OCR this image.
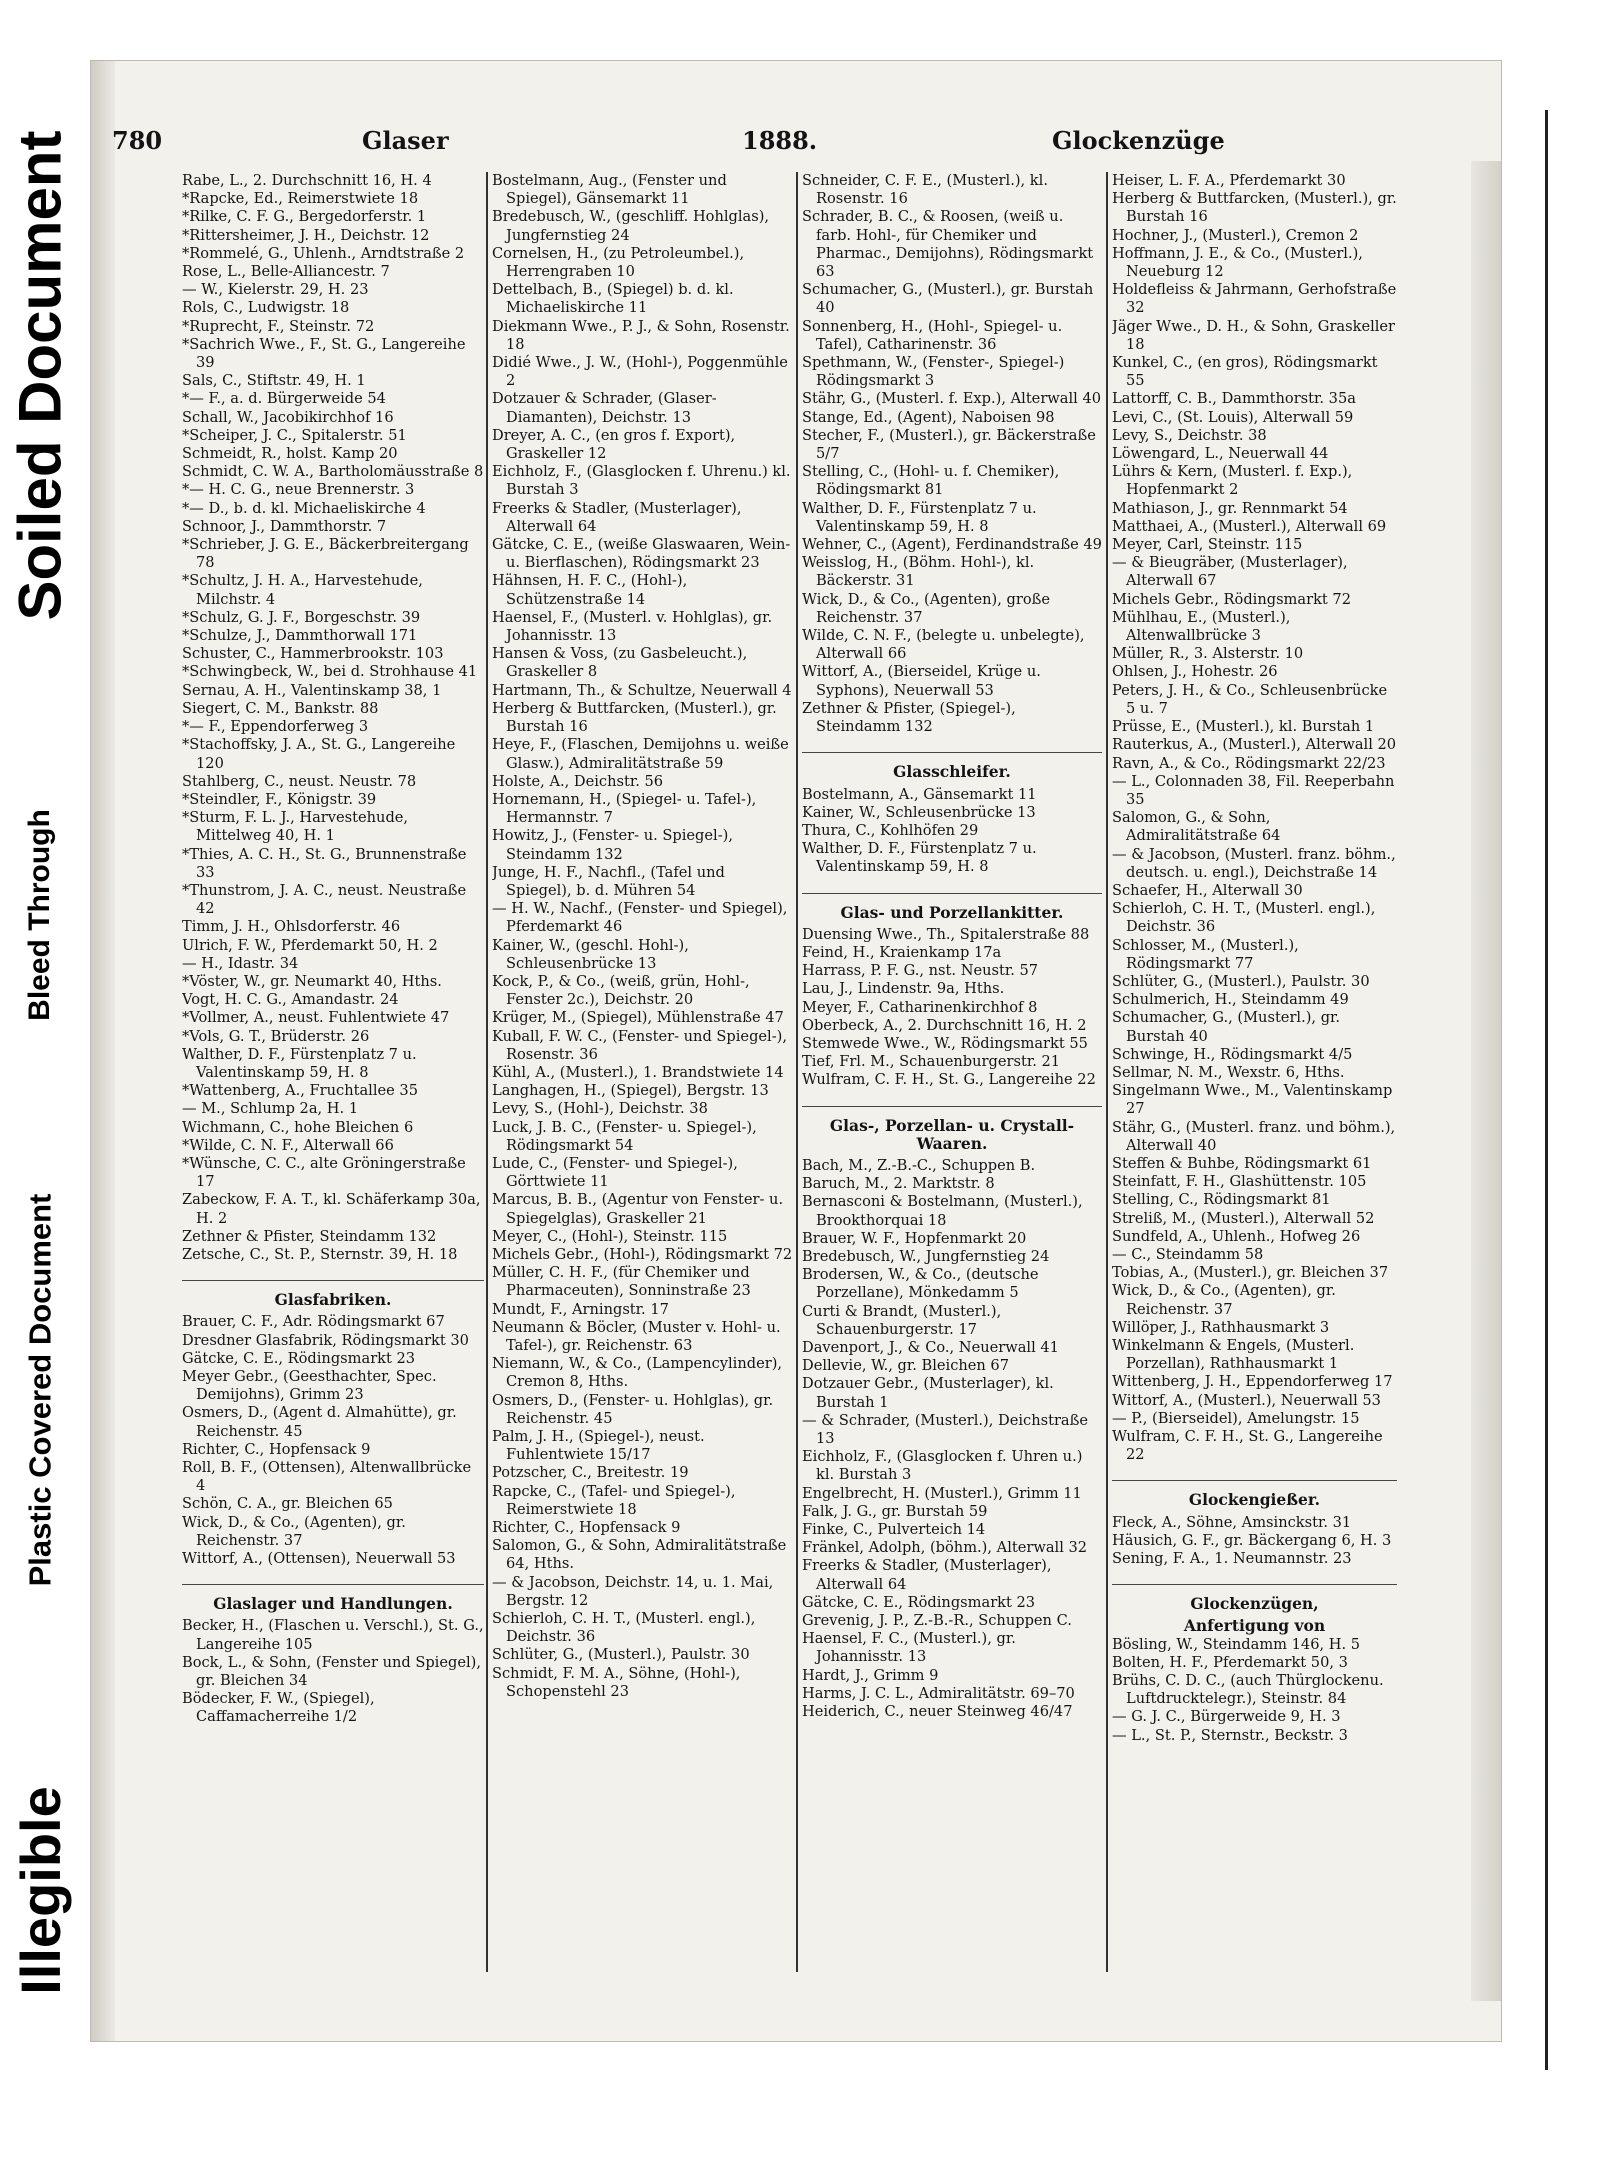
Illegible
Plastic Covered Document
Bleed Through
Soiled Document 780	Glaser	1888.	Glockenzüge
Rabe, L., 2. Durchschnitt 16, H. 4
*Rapcke, Ed., Reimerstwiete 18
*Rilke, C. F. G., Bergedorferstr. 1
*Rittersheimer, J. H., Deichstr. 12
*Rommelé, G., Uhlenh., Arndtstraße 2
Rose, L., Belle-Alliancestr. 7
— W., Kielerstr. 29, H. 23
Rols, C., Ludwigstr. 18
*Ruprecht, F., Steinstr. 72
*Sachrich Wwe., F., St. G., Langereihe 39
Sals, C., Stiftstr. 49, H. 1
*— F., a. d. Bürgerweide 54
Schall, W., Jacobikirchhof 16
*Scheiper, J. C., Spitalerstr. 51
Schmeidt, R., holst. Kamp 20
Schmidt, C. W. A., Bartholomäusstraße 8
*— H. C. G., neue Brennerstr. 3
*— D., b. d. kl. Michaeliskirche 4
Schnoor, J., Dammthorstr. 7
*Schrieber, J. G. E., Bäckerbreitergang 78
*Schultz, J. H. A., Harvestehude, Milchstr. 4
*Schulz, G. J. F., Borgeschstr. 39
*Schulze, J., Dammthorwall 171
Schuster, C., Hammerbrookstr. 103
*Schwingbeck, W., bei d. Strohhause 41
Sernau, A. H., Valentinskamp 38, 1
Siegert, C. M., Bankstr. 88
*— F., Eppendorferweg 3
*Stachoffsky, J. A., St. G., Langereihe 120
Stahlberg, C., neust. Neustr. 78
*Steindler, F., Königstr. 39
*Sturm, F. L. J., Harvestehude, Mittelweg 40, H. 1
*Thies, A. C. H., St. G., Brunnenstraße 33
*Thunstrom, J. A. C., neust. Neustraße 42
Timm, J. H., Ohlsdorferstr. 46
Ulrich, F. W., Pferdemarkt 50, H. 2
— H., Idastr. 34
*Vöster, W., gr. Neumarkt 40, Hths.
Vogt, H. C. G., Amandastr. 24
*Vollmer, A., neust. Fuhlentwiete 47
*Vols, G. T., Brüderstr. 26
Walther, D. F., Fürstenplatz 7 u. Valentinskamp 59, H. 8
*Wattenberg, A., Fruchtallee 35
— M., Schlump 2a, H. 1
Wichmann, C., hohe Bleichen 6
*Wilde, C. N. F., Alterwall 66
*Wünsche, C. C., alte Gröningerstraße 17
Zabeckow, F. A. T., kl. Schäferkamp 30a, H. 2
Zethner & Pfister, Steindamm 132
Zetsche, C., St. P., Sternstr. 39, H. 18
Glasfabriken.
Brauer, C. F., Adr. Rödingsmarkt 67
Dresdner Glasfabrik, Rödingsmarkt 30
Gätcke, C. E., Rödingsmarkt 23
Meyer Gebr., (Geesthachter, Spec. Demijohns), Grimm 23
Osmers, D., (Agent d. Almahütte), gr. Reichenstr. 45
Richter, C., Hopfensack 9
Roll, B. F., (Ottensen), Altenwallbrücke 4
Schön, C. A., gr. Bleichen 65
Wick, D., & Co., (Agenten), gr. Reichenstr. 37
Wittorf, A., (Ottensen), Neuerwall 53
Glaslager und Handlungen.
Becker, H., (Flaschen u. Verschl.), St. G., Langereihe 105
Bock, L., & Sohn, (Fenster und Spiegel), gr. Bleichen 34
Bödecker, F. W., (Spiegel), Caffamacherreihe 1/2
Bostelmann, Aug., (Fenster und Spiegel), Gänsemarkt 11
Bredebusch, W., (geschliff. Hohlglas), Jungfernstieg 24
Cornelsen, H., (zu Petroleumbel.), Herrengraben 10
Dettelbach, B., (Spiegel) b. d. kl. Michaeliskirche 11
Diekmann Wwe., P. J., & Sohn, Rosenstr. 18
Didié Wwe., J. W., (Hohl-), Poggenmühle 2
Dotzauer & Schrader, (Glaser-Diamanten), Deichstr. 13
Dreyer, A. C., (en gros f. Export), Graskeller 12
Eichholz, F., (Glasglocken f. Uhrenu.) kl. Burstah 3
Freerks & Stadler, (Musterlager), Alterwall 64
Gätcke, C. E., (weiße Glaswaaren, Wein- u. Bierflaschen), Rödingsmarkt 23
Hähnsen, H. F. C., (Hohl-), Schützenstraße 14
Haensel, F., (Musterl. v. Hohlglas), gr. Johannisstr. 13
Hansen & Voss, (zu Gasbeleucht.), Graskeller 8
Hartmann, Th., & Schultze, Neuerwall 4
Herberg & Buttfarcken, (Musterl.), gr. Burstah 16
Heye, F., (Flaschen, Demijohns u. weiße Glasw.), Admiralitätstraße 59
Holste, A., Deichstr. 56
Hornemann, H., (Spiegel- u. Tafel-), Hermannstr. 7
Howitz, J., (Fenster- u. Spiegel-), Steindamm 132
Junge, H. F., Nachfl., (Tafel und Spiegel), b. d. Mühren 54
— H. W., Nachf., (Fenster- und Spiegel), Pferdemarkt 46
Kainer, W., (geschl. Hohl-), Schleusenbrücke 13
Kock, P., & Co., (weiß, grün, Hohl-, Fenster 2c.), Deichstr. 20
Krüger, M., (Spiegel), Mühlenstraße 47
Kuball, F. W. C., (Fenster- und Spiegel-), Rosenstr. 36
Kühl, A., (Musterl.), 1. Brandstwiete 14
Langhagen, H., (Spiegel), Bergstr. 13
Levy, S., (Hohl-), Deichstr. 38
Luck, J. B. C., (Fenster- u. Spiegel-), Rödingsmarkt 54
Lude, C., (Fenster- und Spiegel-), Görttwiete 11
Marcus, B. B., (Agentur von Fenster- u. Spiegelglas), Graskeller 21
Meyer, C., (Hohl-), Steinstr. 115
Michels Gebr., (Hohl-), Rödingsmarkt 72
Müller, C. H. F., (für Chemiker und Pharmaceuten), Sonninstraße 23
Mundt, F., Arningstr. 17
Neumann & Böcler, (Muster v. Hohl- u. Tafel-), gr. Reichenstr. 63
Niemann, W., & Co., (Lampencylinder), Cremon 8, Hths.
Osmers, D., (Fenster- u. Hohlglas), gr. Reichenstr. 45
Palm, J. H., (Spiegel-), neust. Fuhlentwiete 15/17
Potzscher, C., Breitestr. 19
Rapcke, C., (Tafel- und Spiegel-), Reimerstwiete 18
Richter, C., Hopfensack 9
Salomon, G., & Sohn, Admiralitätstraße 64, Hths.
— & Jacobson, Deichstr. 14, u. 1. Mai, Bergstr. 12
Schierloh, C. H. T., (Musterl. engl.), Deichstr. 36
Schlüter, G., (Musterl.), Paulstr. 30
Schmidt, F. M. A., Söhne, (Hohl-), Schopenstehl 23
Schneider, C. F. E., (Musterl.), kl. Rosenstr. 16
Schrader, B. C., & Roosen, (weiß u. farb. Hohl-, für Chemiker und Pharmac., Demijohns), Rödingsmarkt 63
Schumacher, G., (Musterl.), gr. Burstah 40
Sonnenberg, H., (Hohl-, Spiegel- u. Tafel), Catharinenstr. 36
Spethmann, W., (Fenster-, Spiegel-) Rödingsmarkt 3
Stähr, G., (Musterl. f. Exp.), Alterwall 40
Stange, Ed., (Agent), Naboisen 98
Stecher, F., (Musterl.), gr. Bäckerstraße 5/7
Stelling, C., (Hohl- u. f. Chemiker), Rödingsmarkt 81
Walther, D. F., Fürstenplatz 7 u. Valentinskamp 59, H. 8
Wehner, C., (Agent), Ferdinandstraße 49
Weisslog, H., (Böhm. Hohl-), kl. Bäckerstr. 31
Wick, D., & Co., (Agenten), große Reichenstr. 37
Wilde, C. N. F., (belegte u. unbelegte), Alterwall 66
Wittorf, A., (Bierseidel, Krüge u. Syphons), Neuerwall 53
Zethner & Pfister, (Spiegel-), Steindamm 132
Glasschleifer.
Bostelmann, A., Gänsemarkt 11
Kainer, W., Schleusenbrücke 13
Thura, C., Kohlhöfen 29
Walther, D. F., Fürstenplatz 7 u. Valentinskamp 59, H. 8
Glas- und Porzellankitter.
Duensing Wwe., Th., Spitalerstraße 88
Feind, H., Kraienkamp 17a
Harrass, P. F. G., nst. Neustr. 57
Lau, J., Lindenstr. 9a, Hths.
Meyer, F., Catharinenkirchhof 8
Oberbeck, A., 2. Durchschnitt 16, H. 2
Stemwede Wwe., W., Rödingsmarkt 55
Tief, Frl. M., Schauenburgerstr. 21
Wulfram, C. F. H., St. G., Langereihe 22
Glas-, Porzellan- u. Crystall-Waaren.
Bach, M., Z.-B.-C., Schuppen B.
Baruch, M., 2. Marktstr. 8
Bernasconi & Bostelmann, (Musterl.), Brookthorquai 18
Brauer, W. F., Hopfenmarkt 20
Bredebusch, W., Jungfernstieg 24
Brodersen, W., & Co., (deutsche Porzellane), Mönkedamm 5
Curti & Brandt, (Musterl.), Schauenburgerstr. 17
Davenport, J., & Co., Neuerwall 41
Dellevie, W., gr. Bleichen 67
Dotzauer Gebr., (Musterlager), kl. Burstah 1
— & Schrader, (Musterl.), Deichstraße 13
Eichholz, F., (Glasglocken f. Uhren u.) kl. Burstah 3
Engelbrecht, H. (Musterl.), Grimm 11
Falk, J. G., gr. Burstah 59
Finke, C., Pulverteich 14
Fränkel, Adolph, (böhm.), Alterwall 32
Freerks & Stadler, (Musterlager), Alterwall 64
Gätcke, C. E., Rödingsmarkt 23
Grevenig, J. P., Z.-B.-R., Schuppen C.
Haensel, F. C., (Musterl.), gr. Johannisstr. 13
Hardt, J., Grimm 9
Harms, J. C. L., Admiralitätstr. 69–70
Heiderich, C., neuer Steinweg 46/47
Heiser, L. F. A., Pferdemarkt 30
Herberg & Buttfarcken, (Musterl.), gr. Burstah 16
Hochner, J., (Musterl.), Cremon 2
Hoffmann, J. E., & Co., (Musterl.), Neueburg 12
Holdefleiss & Jahrmann, Gerhofstraße 32
Jäger Wwe., D. H., & Sohn, Graskeller 18
Kunkel, C., (en gros), Rödingsmarkt 55
Lattorff, C. B., Dammthorstr. 35a
Levi, C., (St. Louis), Alterwall 59
Levy, S., Deichstr. 38
Löwengard, L., Neuerwall 44
Lührs & Kern, (Musterl. f. Exp.), Hopfenmarkt 2
Mathiason, J., gr. Rennmarkt 54
Matthaei, A., (Musterl.), Alterwall 69
Meyer, Carl, Steinstr. 115
— & Bieugräber, (Musterlager), Alterwall 67
Michels Gebr., Rödingsmarkt 72
Mühlhau, E., (Musterl.), Altenwallbrücke 3
Müller, R., 3. Alsterstr. 10
Ohlsen, J., Hohestr. 26
Peters, J. H., & Co., Schleusenbrücke 5 u. 7
Prüsse, E., (Musterl.), kl. Burstah 1
Rauterkus, A., (Musterl.), Alterwall 20
Ravn, A., & Co., Rödingsmarkt 22/23
— L., Colonnaden 38, Fil. Reeperbahn 35
Salomon, G., & Sohn, Admiralitätstraße 64
— & Jacobson, (Musterl. franz. böhm., deutsch. u. engl.), Deichstraße 14
Schaefer, H., Alterwall 30
Schierloh, C. H. T., (Musterl. engl.), Deichstr. 36
Schlosser, M., (Musterl.), Rödingsmarkt 77
Schlüter, G., (Musterl.), Paulstr. 30
Schulmerich, H., Steindamm 49
Schumacher, G., (Musterl.), gr. Burstah 40
Schwinge, H., Rödingsmarkt 4/5
Sellmar, N. M., Wexstr. 6, Hths.
Singelmann Wwe., M., Valentinskamp 27
Stähr, G., (Musterl. franz. und böhm.), Alterwall 40
Steffen & Buhbe, Rödingsmarkt 61
Steinfatt, F. H., Glashüttenstr. 105
Stelling, C., Rödingsmarkt 81
Streliß, M., (Musterl.), Alterwall 52
Sundfeld, A., Uhlenh., Hofweg 26
— C., Steindamm 58
Tobias, A., (Musterl.), gr. Bleichen 37
Wick, D., & Co., (Agenten), gr. Reichenstr. 37
Willöper, J., Rathhausmarkt 3
Winkelmann & Engels, (Musterl. Porzellan), Rathhausmarkt 1
Wittenberg, J. H., Eppendorferweg 17
Wittorf, A., (Musterl.), Neuerwall 53
— P., (Bierseidel), Amelungstr. 15
Wulfram, C. F. H., St. G., Langereihe 22
Glockengießer.
Fleck, A., Söhne, Amsinckstr. 31
Häusich, G. F., gr. Bäckergang 6, H. 3
Sening, F. A., 1. Neumannstr. 23
Glockenzügen,
Anfertigung von
Bösling, W., Steindamm 146, H. 5
Bolten, H. F., Pferdemarkt 50, 3
Brühs, C. D. C., (auch Thürglockenu. Luftdrucktelegr.), Steinstr. 84
— G. J. C., Bürgerweide 9, H. 3
— L., St. P., Sternstr., Beckstr. 3
